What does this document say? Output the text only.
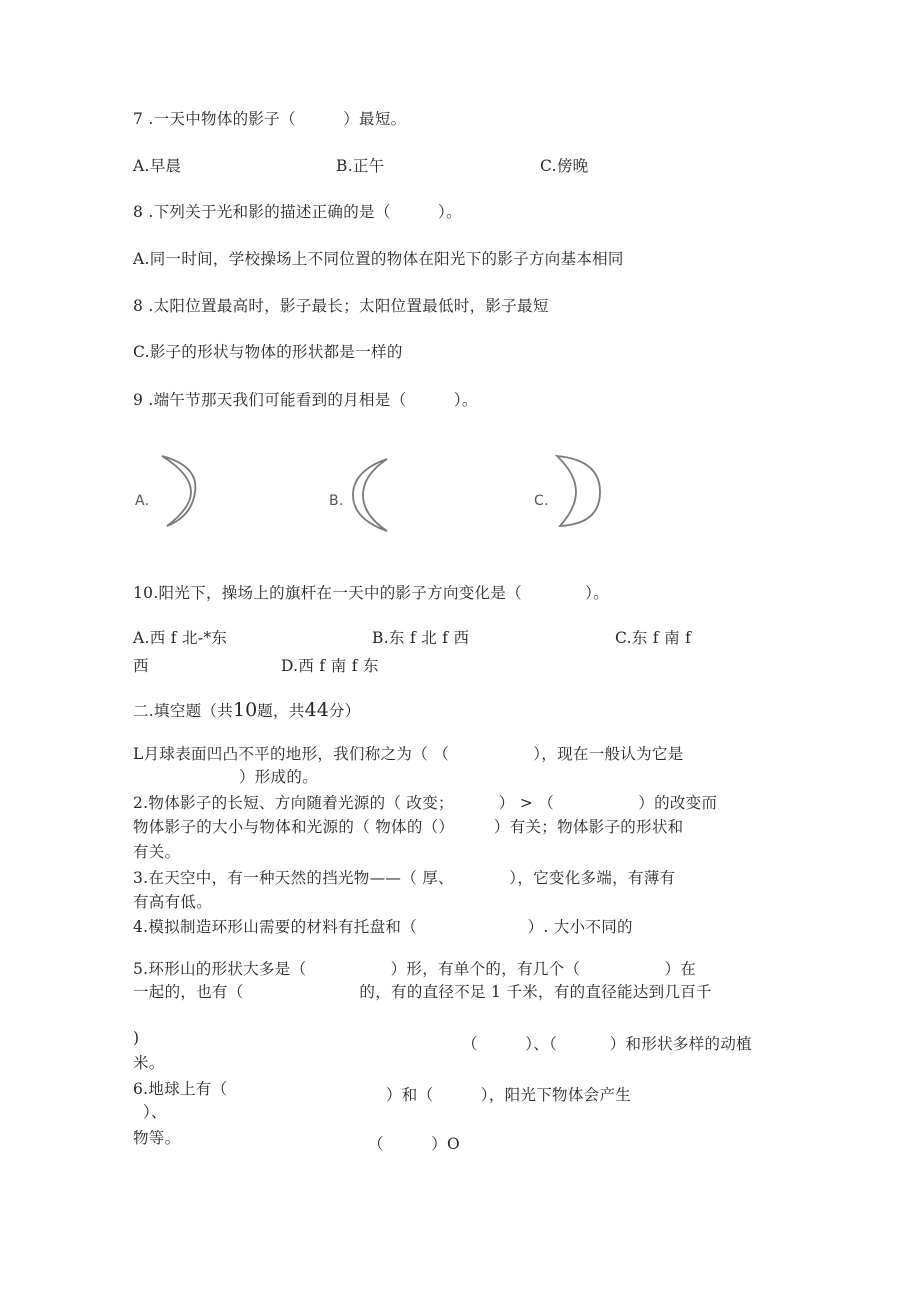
7 .一天中物体的影子（　　　）最短。
A.早晨	B.正午	C.傍晚
8 .下列关于光和影的描述正确的是（　　　）。
A.同一时间，学校操场上不同位置的物体在阳光下的影子方向基本相同
8 .太阳位置最高时，影子最长；太阳位置最低时，影子最短
C.影子的形状与物体的形状都是一样的
9 .端午节那天我们可能看到的月相是（　　　）。
A.	B.	C.
10.阳光下，操场上的旗杆在一天中的影子方向变化是（　　　　）。
A.西 f 北-*东	B.东 f 北 f 西	C.东 f 南 f
西	D.西 f 南 f 东
二.填空题（共10题，共44分）
L月球表面凹凸不平的地形，我们称之为（ （　　　　　 ），现在一般认为它是
）形成的。
2.物体影子的长短、方向随着光源的（ 改变；　　　 ） > （　　　　　 ）的改变而
物体影子的大小与物体和光源的（ 物体的（）　　　）有关；物体影子的形状和
有关。
3.在天空中，有一种天然的挡光物——（ 厚、　　　　），它变化多端，有薄有
有高有低。
4.模拟制造环形山需要的材料有托盘和（　　　　　　　）. 大小不同的
5.环形山的形状大多是（　　　　　 ）形，有单个的，有几个（　　　　　 ）在
一起的，也有（　　　　　　　 的，有的直径不足 1 千米，有的直径能达到几百千
)	（　　　）、（　　　 ）和形状多样的动植
米。
6.地球上有（	）和（　　　），阳光下物体会产生
）、
物等。	（　　　）O
